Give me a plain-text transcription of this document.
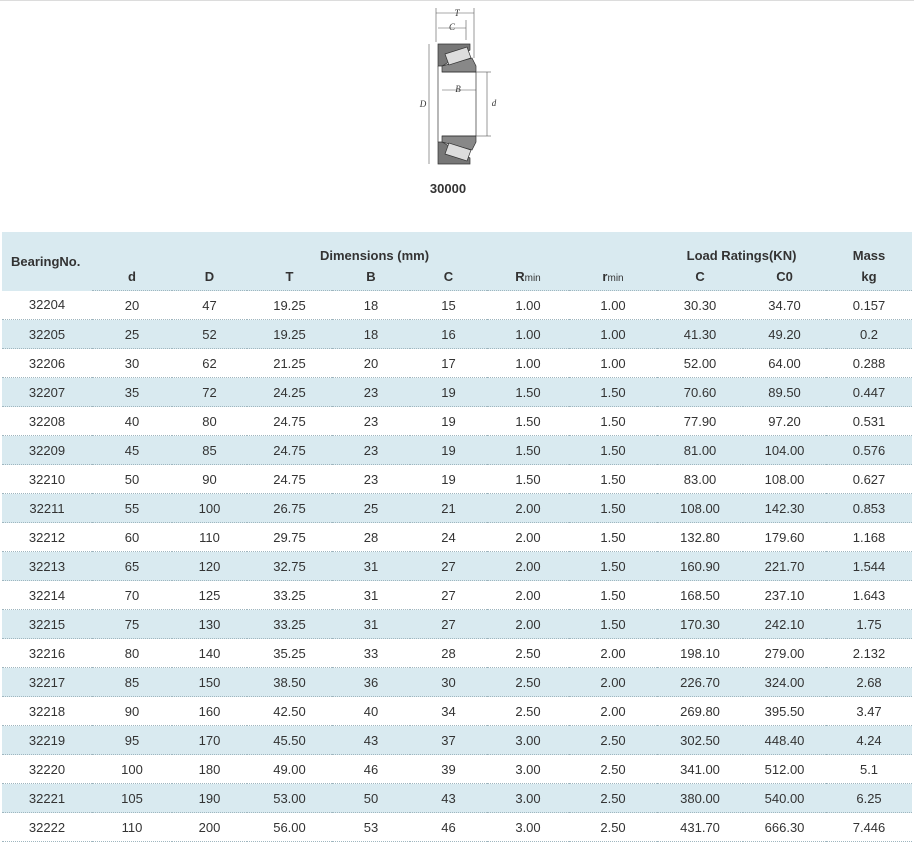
T
C
B
D	d
30000
BearingNo.	Dimensions (mm)							Load Ratings(KN)		Mass
	d	D	T	B	C	Rmin	rmin	C	C0	kg
32204	20	47	19.25	18	15	1.00	1.00	30.30	34.70	0.157
32205	25	52	19.25	18	16	1.00	1.00	41.30	49.20	0.2
32206	30	62	21.25	20	17	1.00	1.00	52.00	64.00	0.288
32207	35	72	24.25	23	19	1.50	1.50	70.60	89.50	0.447
32208	40	80	24.75	23	19	1.50	1.50	77.90	97.20	0.531
32209	45	85	24.75	23	19	1.50	1.50	81.00	104.00	0.576
32210	50	90	24.75	23	19	1.50	1.50	83.00	108.00	0.627
32211	55	100	26.75	25	21	2.00	1.50	108.00	142.30	0.853
32212	60	110	29.75	28	24	2.00	1.50	132.80	179.60	1.168
32213	65	120	32.75	31	27	2.00	1.50	160.90	221.70	1.544
32214	70	125	33.25	31	27	2.00	1.50	168.50	237.10	1.643
32215	75	130	33.25	31	27	2.00	1.50	170.30	242.10	1.75
32216	80	140	35.25	33	28	2.50	2.00	198.10	279.00	2.132
32217	85	150	38.50	36	30	2.50	2.00	226.70	324.00	2.68
32218	90	160	42.50	40	34	2.50	2.00	269.80	395.50	3.47
32219	95	170	45.50	43	37	3.00	2.50	302.50	448.40	4.24
32220	100	180	49.00	46	39	3.00	2.50	341.00	512.00	5.1
32221	105	190	53.00	50	43	3.00	2.50	380.00	540.00	6.25
32222	110	200	56.00	53	46	3.00	2.50	431.70	666.30	7.446
